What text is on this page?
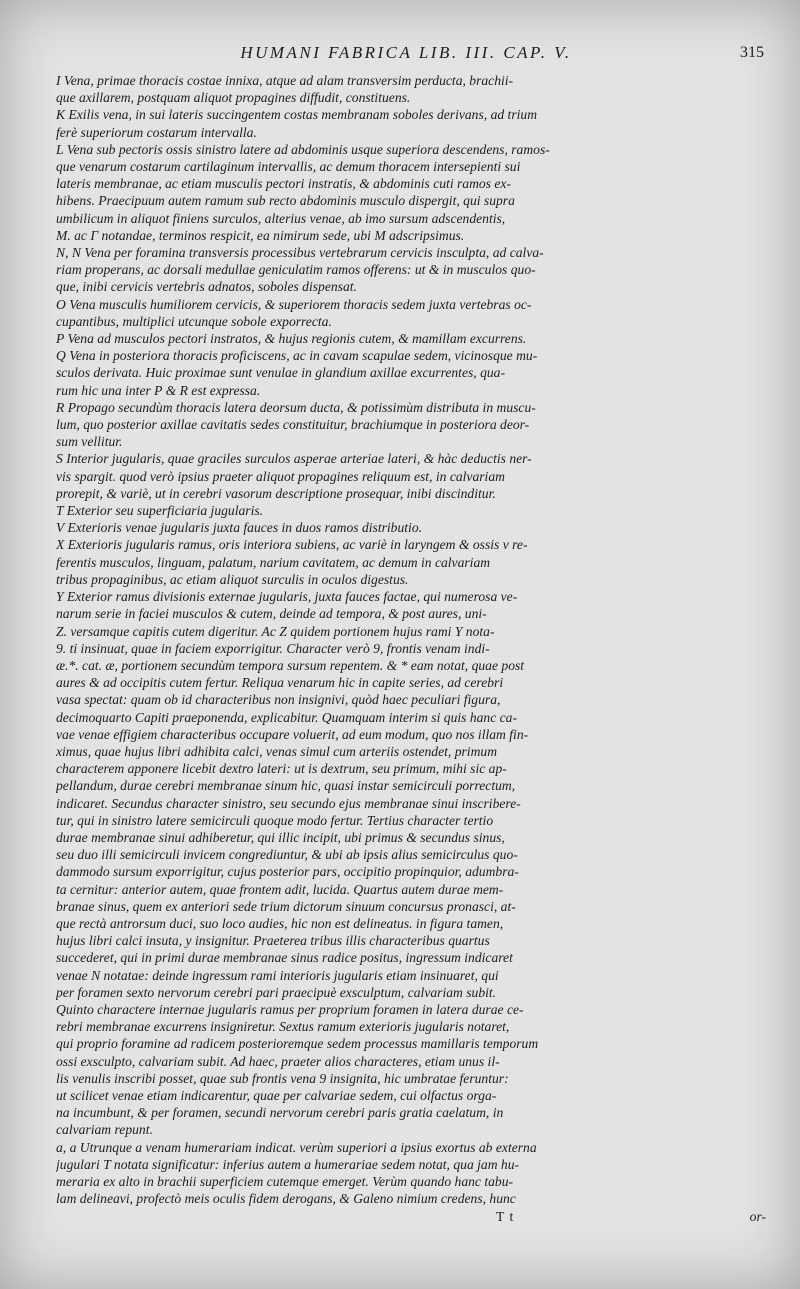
HUMANI FABRICA LIB. III. CAP. V.	315
I Vena, primae thoracis costae innixa, atque ad alam transversim perducta, brachii-
que axillarem, postquam aliquot propagines diffudit, constituens.
K Exilis vena, in sui lateris succingentem costas membranam soboles derivans, ad trium
ferè superiorum costarum intervalla.
L Vena sub pectoris ossis sinistro latere ad abdominis usque superiora descendens, ramos-
que venarum costarum cartilaginum intervallis, ac demum thoracem intersepienti sui
lateris membranae, ac etiam musculis pectori instratis, & abdominis cuti ramos ex-
hibens. Praecipuum autem ramum sub recto abdominis musculo dispergit, qui supra
umbilicum in aliquot finiens surculos, alterius venae, ab imo sursum adscendentis,
M. ac Γ notandae, terminos respicit, ea nimirum sede, ubi M adscripsimus.
N, N Vena per foramina transversis processibus vertebrarum cervicis insculpta, ad calva-
riam properans, ac dorsali medullae geniculatim ramos offerens: ut & in musculos quo-
que, inibi cervicis vertebris adnatos, soboles dispensat.
O Vena musculis humiliorem cervicis, & superiorem thoracis sedem juxta vertebras oc-
cupantibus, multiplici utcunque sobole exporrecta.
P Vena ad musculos pectori instratos, & hujus regionis cutem, & mamillam excurrens.
Q Vena in posteriora thoracis proficiscens, ac in cavam scapulae sedem, vicinosque mu-
sculos derivata. Huic proximae sunt venulae in glandium axillae excurrentes, qua-
rum hic una inter P & R est expressa.
R Propago secundùm thoracis latera deorsum ducta, & potissimùm distributa in muscu-
lum, quo posterior axillae cavitatis sedes constituitur, brachiumque in posteriora deor-
sum vellitur.
S Interior jugularis, quae graciles surculos asperae arteriae lateri, & hàc deductis ner-
vis spargit. quod verò ipsius praeter aliquot propagines reliquum est, in calvariam
prorepit, & variè, ut in cerebri vasorum descriptione prosequar, inibi discinditur.
T Exterior seu superficiaria jugularis.
V Exterioris venae jugularis juxta fauces in duos ramos distributio.
X Exterioris jugularis ramus, oris interiora subiens, ac variè in laryngem & ossis v re-
ferentis musculos, linguam, palatum, narium cavitatem, ac demum in calvariam
tribus propaginibus, ac etiam aliquot surculis in oculos digestus.
Y Exterior ramus divisionis externae jugularis, juxta fauces factae, qui numerosa ve-
narum serie in faciei musculos & cutem, deinde ad tempora, & post aures, uni-
Z. versamque capitis cutem digeritur. Ac Z quidem portionem hujus rami Y nota-
9. ti insinuat, quae in faciem exporrigitur. Character verò 9, frontis venam indi-
æ.*. cat. æ, portionem secundùm tempora sursum repentem. & * eam notat, quae post
aures & ad occipitis cutem fertur. Reliqua venarum hic in capite series, ad cerebri
vasa spectat: quam ob id characteribus non insignivi, quòd haec peculiari figura,
decimoquarto Capiti praeponenda, explicabitur. Quamquam interim si quis hanc ca-
vae venae effigiem characteribus occupare voluerit, ad eum modum, quo nos illam fin-
ximus, quae hujus libri adhibita calci, venas simul cum arteriis ostendet, primum
characterem apponere licebit dextro lateri: ut is dextrum, seu primum, mihi sic ap-
pellandum, durae cerebri membranae sinum hic, quasi instar semicirculi porrectum,
indicaret. Secundus character sinistro, seu secundo ejus membranae sinui inscribere-
tur, qui in sinistro latere semicirculi quoque modo fertur. Tertius character tertio
durae membranae sinui adhiberetur, qui illic incipit, ubi primus & secundus sinus,
seu duo illi semicirculi invicem congrediuntur, & ubi ab ipsis alius semicirculus quo-
dammodo sursum exporrigitur, cujus posterior pars, occipitio propinquior, adumbra-
ta cernitur: anterior autem, quae frontem adit, lucida. Quartus autem durae mem-
branae sinus, quem ex anteriori sede trium dictorum sinuum concursus pronasci, at-
que rectà antrorsum duci, suo loco audies, hic non est delineatus. in figura tamen,
hujus libri calci insuta, y insignitur. Praeterea tribus illis characteribus quartus
succederet, qui in primi durae membranae sinus radice positus, ingressum indicaret
venae N notatae: deinde ingressum rami interioris jugularis etiam insinuaret, qui
per foramen sexto nervorum cerebri pari praecipuè exsculptum, calvariam subit.
Quinto charactere internae jugularis ramus per proprium foramen in latera durae ce-
rebri membranae excurrens insigniretur. Sextus ramum exterioris jugularis notaret,
qui proprio foramine ad radicem posterioremque sedem processus mamillaris temporum
ossi exsculpto, calvariam subit. Ad haec, praeter alios characteres, etiam unus il-
lis venulis inscribi posset, quae sub frontis vena 9 insignita, hic umbratae feruntur:
ut scilicet venae etiam indicarentur, quae per calvariae sedem, cui olfactus orga-
na incumbunt, & per foramen, secundi nervorum cerebri paris gratia caelatum, in
calvariam repunt.
a, a Utrunque a venam humerariam indicat. verùm superiori a ipsius exortus ab externa
jugulari T notata significatur: inferius autem a humerariae sedem notat, qua jam hu-
meraria ex alto in brachii superficiem cutemque emerget. Verùm quando hanc tabu-
lam delineavi, profectò meis oculis fidem derogans, & Galeno nimium credens, hunc
T t	or-
